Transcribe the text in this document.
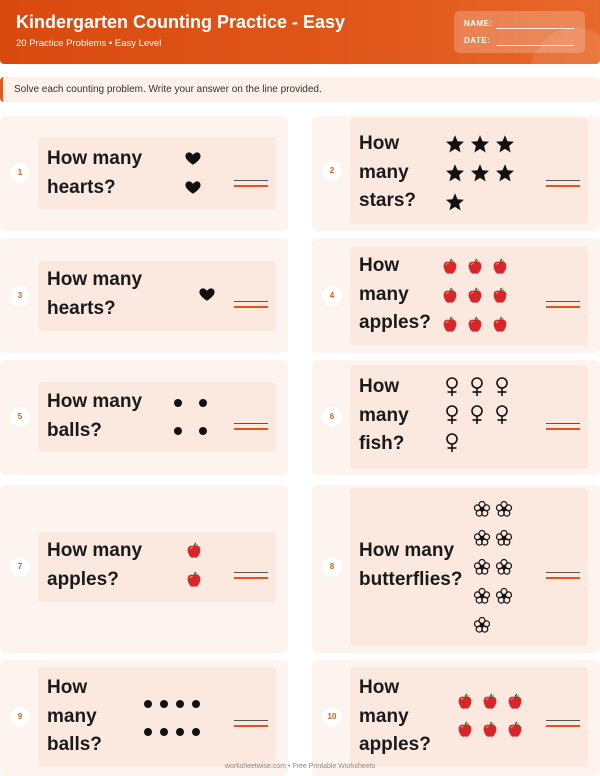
Kindergarten Counting Practice - Easy
20 Practice Problems • Easy Level
NAME:
DATE:
Solve each counting problem. Write your answer on the line provided.
1
How many
hearts?
2
How
many
stars?
3
How many
hearts?
4
How
many
apples?
5
How many
balls?
6
How
many
fish?
7
How many
apples?
8
How many
butterflies?
9
How
many
balls?
10
How
many
apples?
worksheetwise.com • Free Printable Worksheets
